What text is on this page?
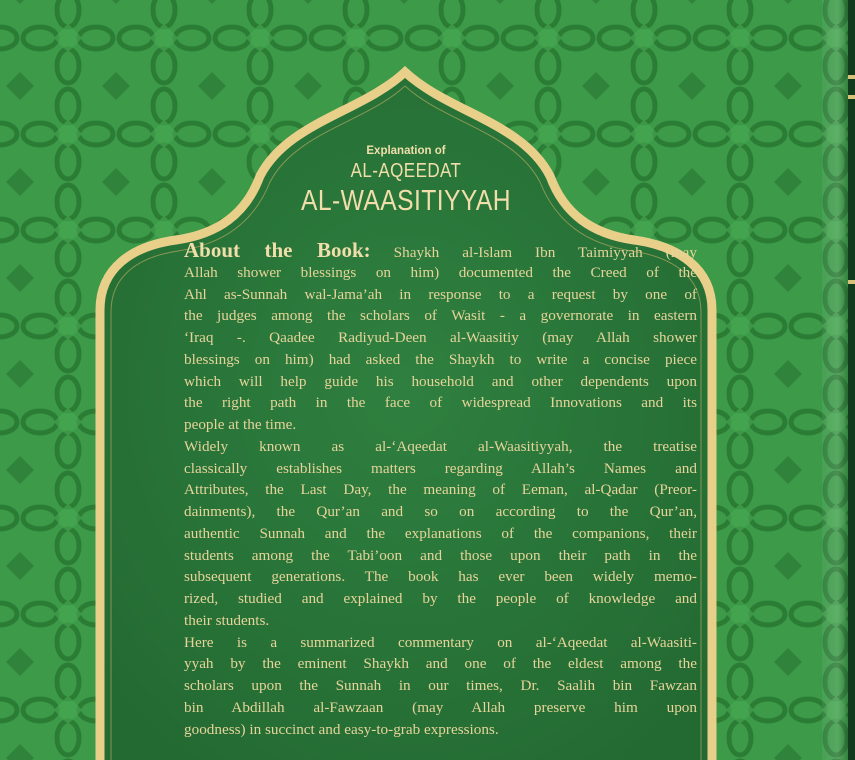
Explanation of
AL-AQEEDAT
AL-WAASITIYYAH
About the Book: Shaykh al-Islam Ibn Taimiyyah (may
Allah shower blessings on him) documented the Creed of the
Ahl as-Sunnah wal-Jama’ah in response to a request by one of
the judges among the scholars of Wasit - a governorate in eastern
‘Iraq -. Qaadee Radiyud-Deen al-Waasitiy (may Allah shower
blessings on him) had asked the Shaykh to write a concise piece
which will help guide his household and other dependents upon
the right path in the face of widespread Innovations and its
people at the time.
Widely known as al-‘Aqeedat al-Waasitiyyah, the treatise
classically establishes matters regarding Allah’s Names and
Attributes, the Last Day, the meaning of Eeman, al-Qadar (Preor-
dainments), the Qur’an and so on according to the Qur’an,
authentic Sunnah and the explanations of the companions, their
students among the Tabi’oon and those upon their path in the
subsequent generations. The book has ever been widely memo-
rized, studied and explained by the people of knowledge and
their students.
Here is a summarized commentary on al-‘Aqeedat al-Waasiti-
yyah by the eminent Shaykh and one of the eldest among the
scholars upon the Sunnah in our times, Dr. Saalih bin Fawzan
bin Abdillah al-Fawzaan (may Allah preserve him upon
goodness) in succinct and easy-to-grab expressions.
